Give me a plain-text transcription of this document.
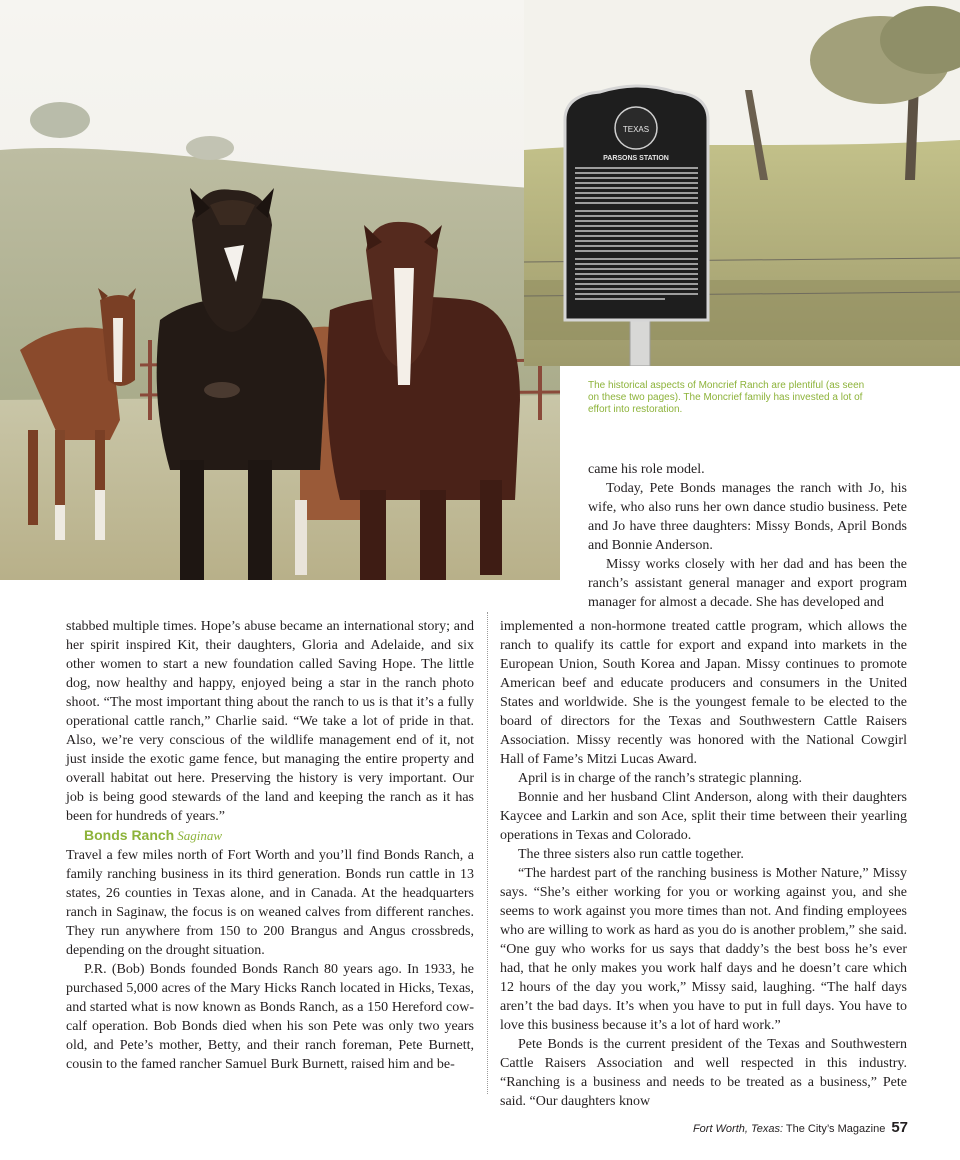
TEXAS
PARSONS STATION

The historical aspects of Moncrief Ranch are plentiful (as seen on these two pages). The Moncrief family has invested a lot of effort into restoration.

came his role model.

Today, Pete Bonds manages the ranch with Jo, his wife, who also runs her own dance studio business. Pete and Jo have three daughters: Missy Bonds, April Bonds and Bonnie Anderson.

Missy works closely with her dad and has been the ranch’s assistant general manager and export program manager for almost a decade. She has developed and

stabbed multiple times. Hope’s abuse became an international story; and her spirit inspired Kit, their daughters, Gloria and Adelaide, and six other women to start a new foundation called Saving Hope. The little dog, now healthy and happy, enjoyed being a star in the ranch photo shoot. “The most important thing about the ranch to us is that it’s a fully operational cattle ranch,” Charlie said. “We take a lot of pride in that. Also, we’re very conscious of the wildlife management end of it, not just inside the exotic game fence, but managing the entire property and overall habitat out here. Preserving the history is very important. Our job is being good stewards of the land and keeping the ranch as it has been for hundreds of years.”

Bonds Ranch Saginaw

Travel a few miles north of Fort Worth and you’ll find Bonds Ranch, a family ranching business in its third generation. Bonds run cattle in 13 states, 26 counties in Texas alone, and in Canada. At the headquarters ranch in Saginaw, the focus is on weaned calves from different ranches. They run anywhere from 150 to 200 Brangus and Angus crossbreds, depending on the drought situation.

P.R. (Bob) Bonds founded Bonds Ranch 80 years ago. In 1933, he purchased 5,000 acres of the Mary Hicks Ranch located in Hicks, Texas, and started what is now known as Bonds Ranch, as a 150 Hereford cow-calf operation. Bob Bonds died when his son Pete was only two years old, and Pete’s mother, Betty, and their ranch foreman, Pete Burnett, cousin to the famed rancher Samuel Burk Burnett, raised him and be-

implemented a non-hormone treated cattle program, which allows the ranch to qualify its cattle for export and expand into markets in the European Union, South Korea and Japan. Missy continues to promote American beef and educate producers and consumers in the United States and worldwide. She is the youngest female to be elected to the board of directors for the Texas and Southwestern Cattle Raisers Association. Missy recently was honored with the National Cowgirl Hall of Fame’s Mitzi Lucas Award.

April is in charge of the ranch’s strategic planning.

Bonnie and her husband Clint Anderson, along with their daughters Kaycee and Larkin and son Ace, split their time between their yearling operations in Texas and Colorado.

The three sisters also run cattle together.

“The hardest part of the ranching business is Mother Nature,” Missy says. “She’s either working for you or working against you, and she seems to work against you more times than not. And finding employees who are willing to work as hard as you do is another problem,” she said. “One guy who works for us says that daddy’s the best boss he’s ever had, that he only makes you work half days and he doesn’t care which 12 hours of the day you work,” Missy said, laughing. “The half days aren’t the bad days. It’s when you have to put in full days. You have to love this business because it’s a lot of hard work.”

Pete Bonds is the current president of the Texas and Southwestern Cattle Raisers Association and well respected in this industry. “Ranching is a business and needs to be treated as a business,” Pete said. “Our daughters know

Fort Worth, Texas: The City’s Magazine 57
